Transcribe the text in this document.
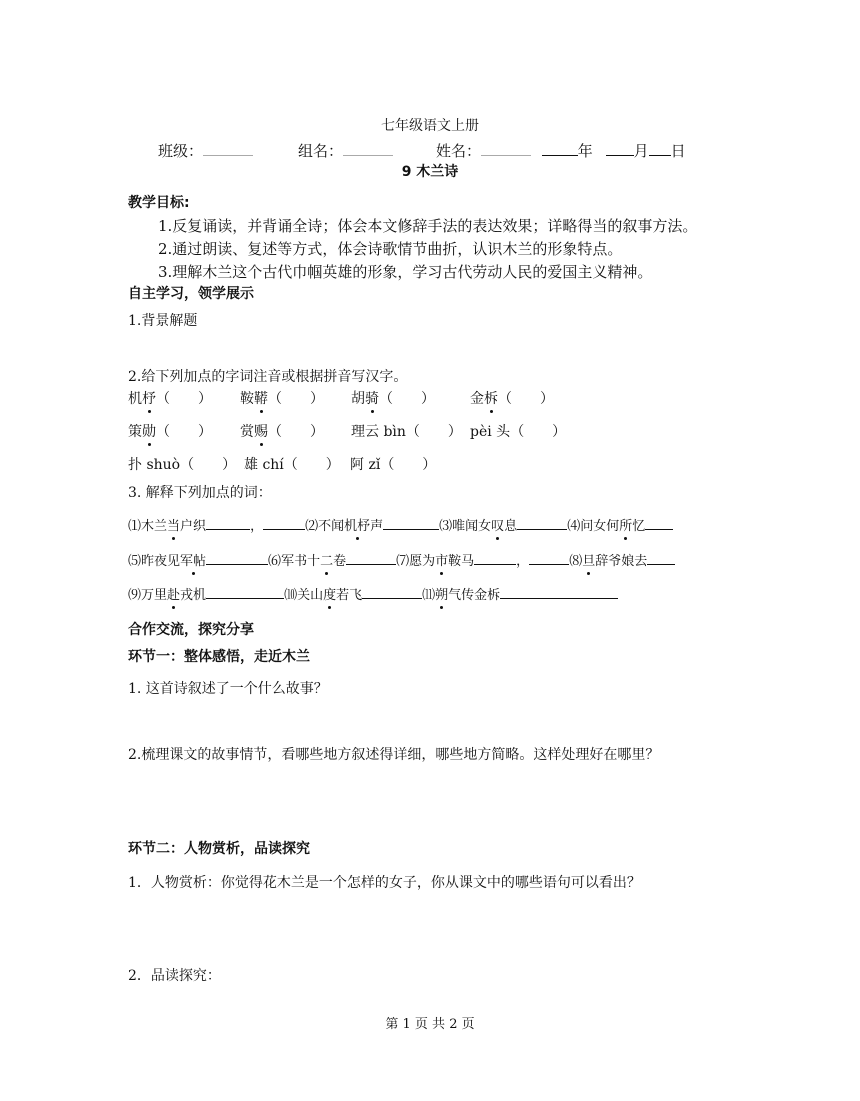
七年级语文上册
班级：	组名：	姓名：	年	月 日
9 木兰诗
教学目标:
1.反复诵读，并背诵全诗；体会本文修辞手法的表达效果；详略得当的叙事方法。
2.通过朗读、复述等方式，体会诗歌情节曲折，认识木兰的形象特点。
3.理解木兰这个古代巾帼英雄的形象，学习古代劳动人民的爱国主义精神。
自主学习，领学展示
1.背景解题
2.给下列加点的字词注音或根据拼音写汉字。
机杼（　　） 鞍鞯（　　） 胡骑（　　）	金柝（　　）
策勋（　　） 赏赐（　　） 理云 bìn（　　） pèi 头（　　）
扑 shuò（　　） 雄 chí（　　） 阿 zǐ（　　）
3. 解释下列加点的词：
⑴木兰当户织	，	⑵不闻机杼声	⑶唯闻女叹息	⑷问女何所忆
⑸昨夜见军帖	⑹军书十二卷	⑺愿为市鞍马	，	⑻旦辞爷娘去
⑼万里赴戎机	⑽关山度若飞	⑾朔气传金柝
合作交流，探究分享
环节一：整体感悟，走近木兰
1. 这首诗叙述了一个什么故事？
2.梳理课文的故事情节，看哪些地方叙述得详细，哪些地方简略。这样处理好在哪里？
环节二：人物赏析，品读探究
1．人物赏析：你觉得花木兰是一个怎样的女子，你从课文中的哪些语句可以看出？
2．品读探究：
第 1 页 共 2 页
